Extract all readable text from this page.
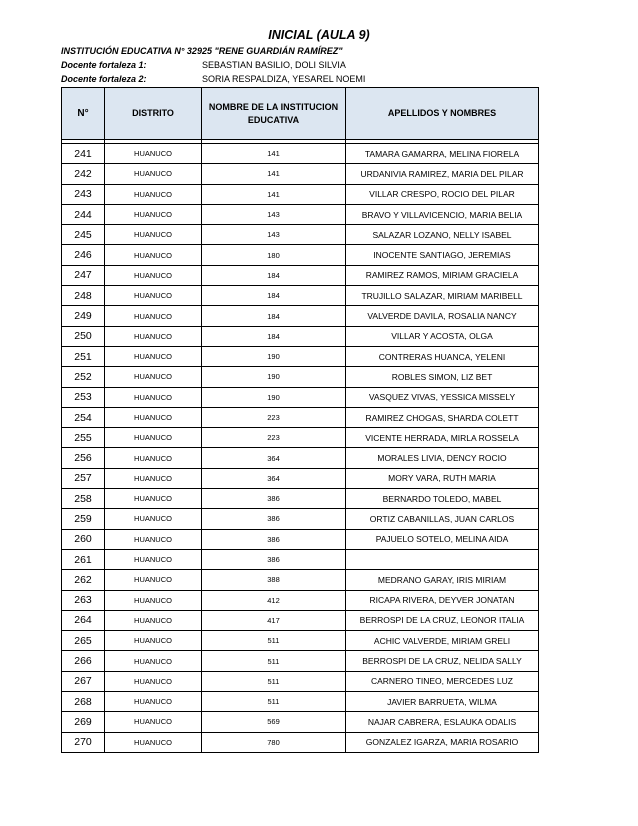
INICIAL (AULA 9)
INSTITUCIÓN EDUCATIVA N° 32925 "RENE GUARDIÁN RAMÍREZ"
Docente fortaleza 1:	SEBASTIAN BASILIO, DOLI SILVIA
Docente fortaleza 2:	SORIA RESPALDIZA, YESAREL NOEMI
N°	DISTRITO	NOMBRE DE LA INSTITUCION EDUCATIVA	APELLIDOS Y NOMBRES

241	HUANUCO	141	TAMARA GAMARRA, MELINA FIORELA
242	HUANUCO	141	URDANIVIA RAMIREZ, MARIA DEL PILAR
243	HUANUCO	141	VILLAR CRESPO, ROCIO DEL PILAR
244	HUANUCO	143	BRAVO Y VILLAVICENCIO, MARIA BELIA
245	HUANUCO	143	SALAZAR LOZANO, NELLY ISABEL
246	HUANUCO	180	INOCENTE SANTIAGO, JEREMIAS
247	HUANUCO	184	RAMIREZ RAMOS, MIRIAM GRACIELA
248	HUANUCO	184	TRUJILLO SALAZAR, MIRIAM MARIBELL
249	HUANUCO	184	VALVERDE DAVILA, ROSALIA NANCY
250	HUANUCO	184	VILLAR Y ACOSTA, OLGA
251	HUANUCO	190	CONTRERAS HUANCA, YELENI
252	HUANUCO	190	ROBLES SIMON, LIZ BET
253	HUANUCO	190	VASQUEZ VIVAS, YESSICA MISSELY
254	HUANUCO	223	RAMIREZ CHOGAS, SHARDA COLETT
255	HUANUCO	223	VICENTE HERRADA, MIRLA ROSSELA
256	HUANUCO	364	MORALES LIVIA, DENCY ROCIO
257	HUANUCO	364	MORY VARA, RUTH MARIA
258	HUANUCO	386	BERNARDO TOLEDO, MABEL
259	HUANUCO	386	ORTIZ CABANILLAS, JUAN CARLOS
260	HUANUCO	386	PAJUELO SOTELO, MELINA AIDA
261	HUANUCO	386	
262	HUANUCO	388	MEDRANO GARAY, IRIS MIRIAM
263	HUANUCO	412	RICAPA RIVERA, DEYVER JONATAN
264	HUANUCO	417	BERROSPI DE LA CRUZ, LEONOR ITALIA
265	HUANUCO	511	ACHIC VALVERDE, MIRIAM GRELI
266	HUANUCO	511	BERROSPI DE LA CRUZ, NELIDA SALLY
267	HUANUCO	511	CARNERO TINEO, MERCEDES LUZ
268	HUANUCO	511	JAVIER BARRUETA, WILMA
269	HUANUCO	569	NAJAR CABRERA, ESLAUKA ODALIS
270	HUANUCO	780	GONZALEZ IGARZA, MARIA ROSARIO
